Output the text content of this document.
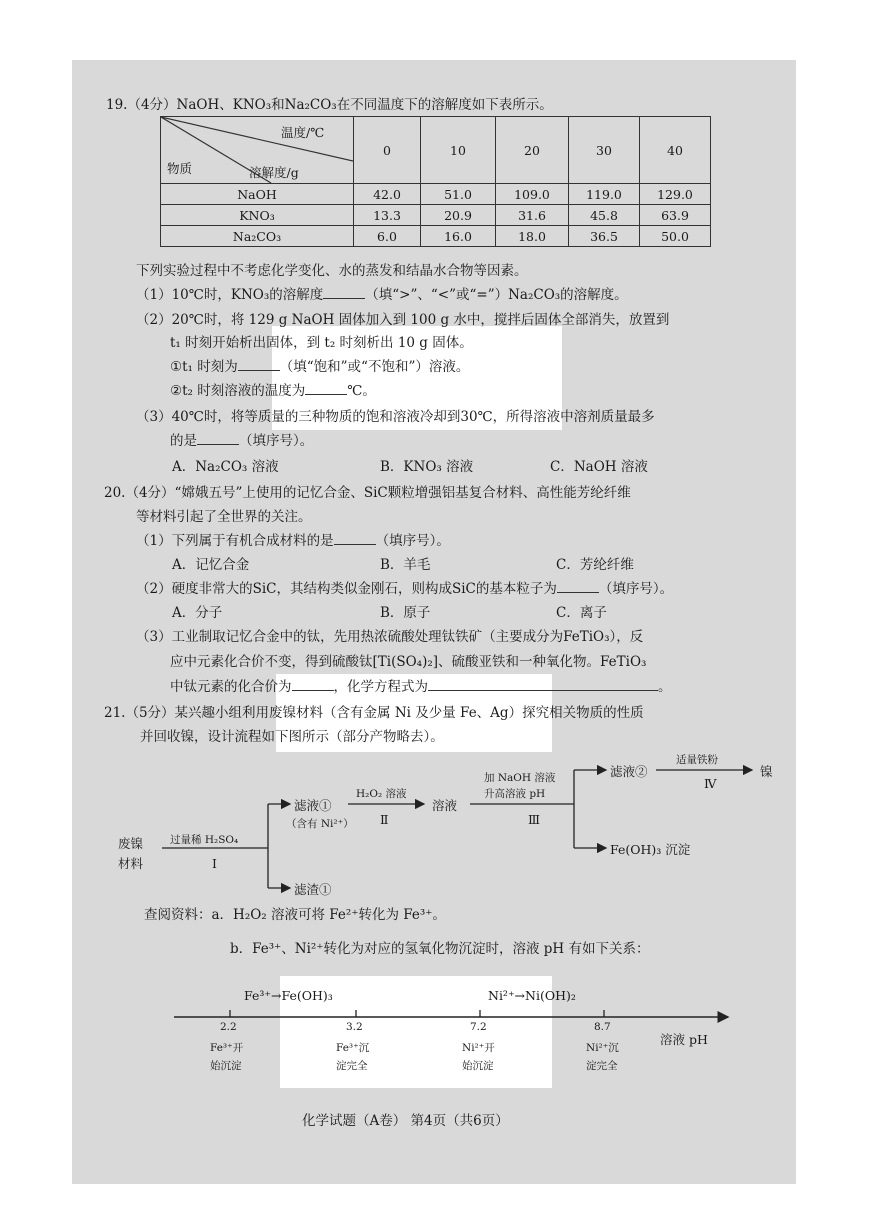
19.（4分）NaOH、KNO₃和Na₂CO₃在不同温度下的溶解度如下表所示。
温度/℃
物质 溶解度/g	0	10	20	30	40
NaOH	42.0	51.0	109.0	119.0	129.0
KNO₃	13.3	20.9	31.6	45.8	63.9
Na₂CO₃	6.0	16.0	18.0	36.5	50.0
下列实验过程中不考虑化学变化、水的蒸发和结晶水合物等因素。
（1）10℃时，KNO₃的溶解度	（填“>”、“<”或“=”）Na₂CO₃的溶解度。
（2）20℃时，将 129 g NaOH 固体加入到 100 g 水中，搅拌后固体全部消失，放置到
t₁ 时刻开始析出固体，到 t₂ 时刻析出 10 g 固体。
①t₁ 时刻为	（填“饱和”或“不饱和”）溶液。
②t₂ 时刻溶液的温度为	℃。
（3）40℃时，将等质量的三种物质的饱和溶液冷却到30℃，所得溶液中溶剂质量最多
的是	（填序号）。
A．Na₂CO₃ 溶液	B．KNO₃ 溶液	C．NaOH 溶液
20.（4分）“嫦娥五号”上使用的记忆合金、SiC颗粒增强铝基复合材料、高性能芳纶纤维
等材料引起了全世界的关注。
（1）下列属于有机合成材料的是	（填序号）。
A．记忆合金	B．羊毛	C．芳纶纤维
（2）硬度非常大的SiC，其结构类似金刚石，则构成SiC的基本粒子为	（填序号）。
A．分子	B．原子	C．离子
（3）工业制取记忆合金中的钛，先用热浓硫酸处理钛铁矿（主要成分为FeTiO₃），反
应中元素化合价不变，得到硫酸钛[Ti(SO₄)₂]、硫酸亚铁和一种氧化物。FeTiO₃
中钛元素的化合价为	，化学方程式为	。
21.（5分）某兴趣小组利用废镍材料（含有金属 Ni 及少量 Fe、Ag）探究相关物质的性质
并回收镍，设计流程如下图所示（部分产物略去）。
废镍
材料
过量稀 H₂SO₄
Ⅰ
滤液①
（含有 Ni²⁺）
滤渣①
H₂O₂ 溶液
Ⅱ
溶液
加 NaOH 溶液
升高溶液 pH
Ⅲ
滤液②
Fe(OH)₃ 沉淀
适量铁粉
Ⅳ
镍
查阅资料：a．H₂O₂ 溶液可将 Fe²⁺转化为 Fe³⁺。
b．Fe³⁺、Ni²⁺转化为对应的氢氧化物沉淀时，溶液 pH 有如下关系：
Fe³⁺→Fe(OH)₃	Ni²⁺→Ni(OH)₂
溶液 pH
2.2
Fe³⁺开
始沉淀
3.2
Fe³⁺沉
淀完全
7.2
Ni²⁺开
始沉淀
8.7
Ni²⁺沉
淀完全
化学试题（A卷） 第4页（共6页）
